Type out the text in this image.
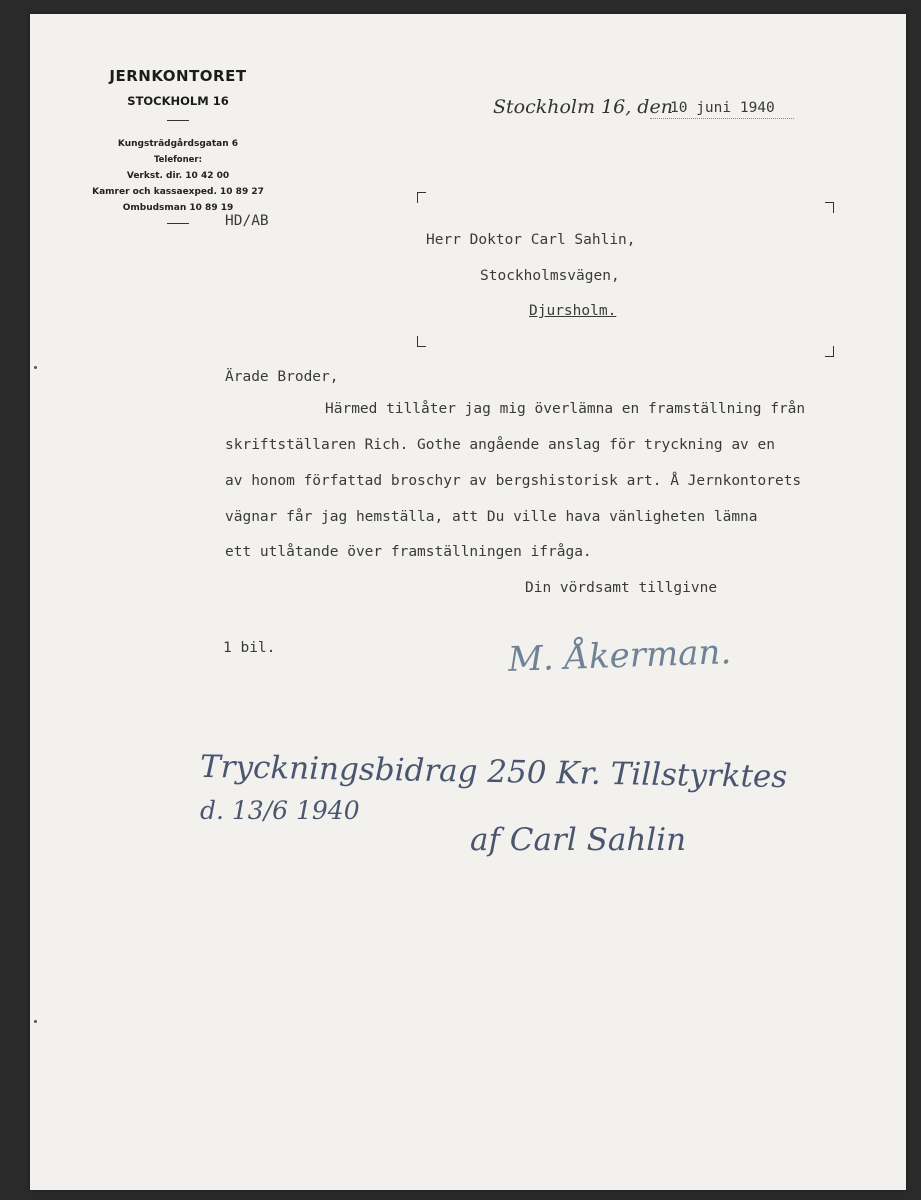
JERNKONTORET
STOCKHOLM 16
Kungsträdgårdsgatan 6
Telefoner:
Verkst. dir. 10 42 00
Kamrer och kassaexped. 10 89 27
Ombudsman 10 89 19
Stockholm 16, den
10 juni 1940
HD/AB
Herr Doktor Carl Sahlin,
Stockholmsvägen,
Djursholm.
Ärade Broder,
Härmed tillåter jag mig överlämna en framställning från
skriftställaren Rich. Gothe angående anslag för tryckning av en
av honom författad broschyr av bergshistorisk art. Å Jernkontorets
vägnar får jag hemställa, att Du ville hava vänligheten lämna
ett utlåtande över framställningen ifråga.
Din vördsamt tillgivne
1 bil.	M. Åkerman.
Tryckningsbidrag 250 Kr. Tillstyrktes
d. 13/6 1940
af Carl Sahlin
